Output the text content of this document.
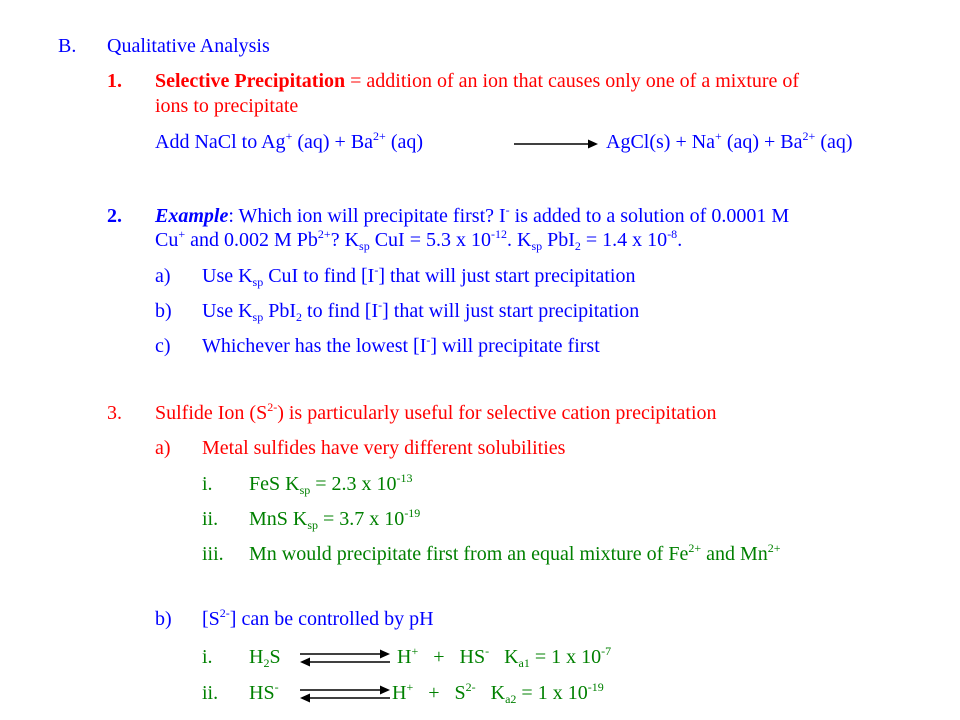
B. Qualitative Analysis
1. Selective Precipitation = addition of an ion that causes only one of a mixture of
ions to precipitate
Add NaCl to Ag+ $(aq) + Ba^{2+}$ (aq)	AgCl(s) + Na+ $(aq) + Ba^{2+}$ (aq)
2. Example: Which ion will precipitate first? I- is added to a solution of 0.0001 M
Cu+ and 0.002 M $Pb^{2+}$? $K_{sp}$ CuI = 5.3 x $10^{-12}$. $K_{sp}$ PbI$_2$ = 1.4 x $10^{-8}$.
a) Use $K_{sp}$ CuI to find [I-] that will just start precipitation
b) Use $K_{sp}$ PbI$_2$ to find [I-] that will just start precipitation
c) Whichever has the lowest [I-] will precipitate first
3. Sulfide Ion $(S^{2-})$ is particularly useful for selective cation precipitation
a) Metal sulfides have very different solubilities
i. FeS $K_{sp} = 2.3$ x $10^{-13}$
ii. MnS $K_{sp} = 3.7$ x $10^{-19}$
iii. Mn would precipitate first from an equal mixture of $Fe^{2+}$ and $Mn^{2+}$
b) $[S^{2-}]$ can be controlled by pH
i. $H_2S$	H+   +   HS-   $K_{a1} = 1$ x $10^{-7}$
ii. HS-	$H^+ + S^{2-}$   $K_{a2} = 1$ x $10^{-19}$
